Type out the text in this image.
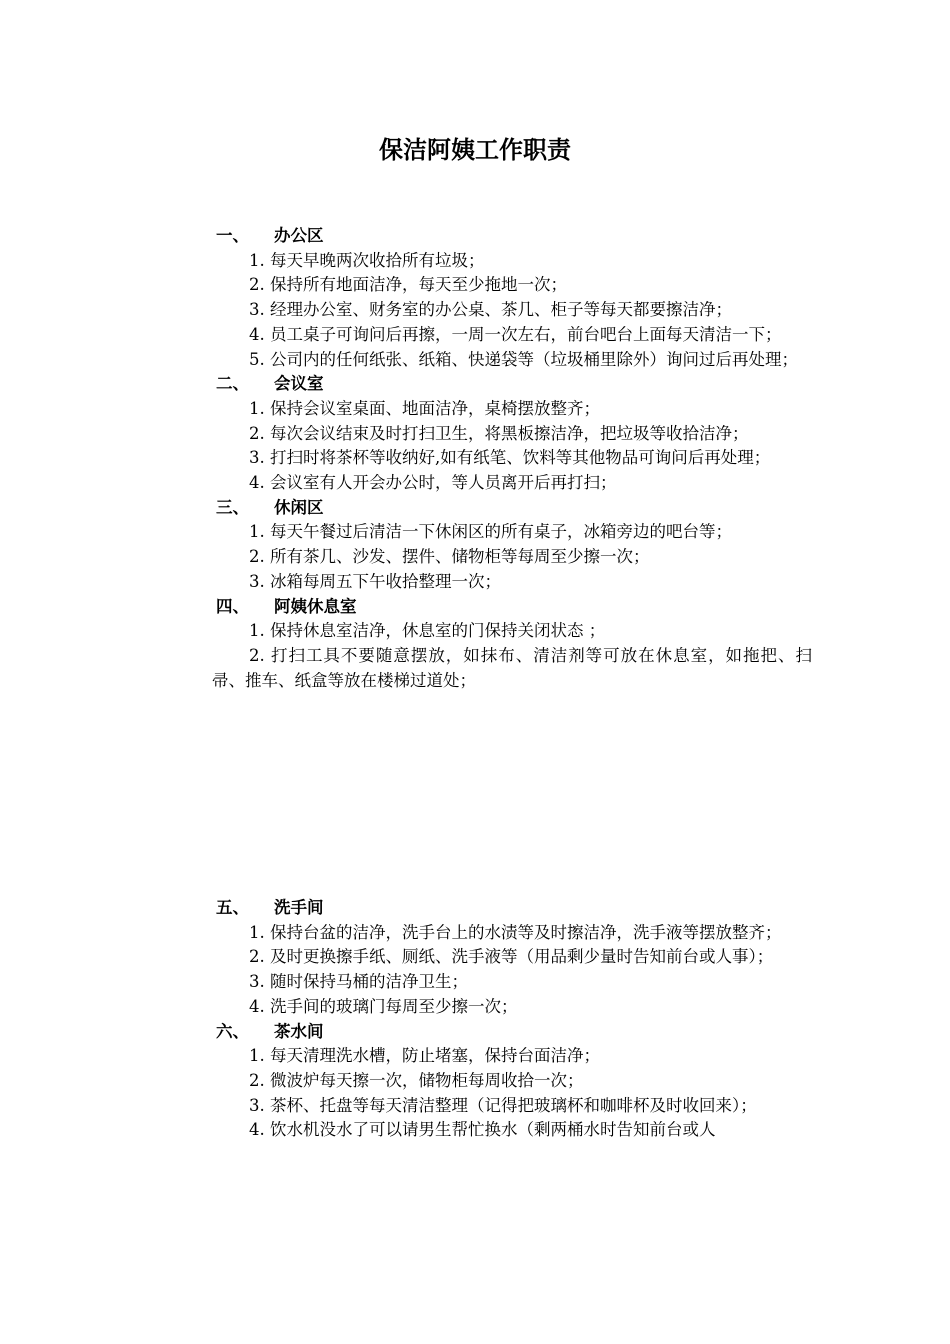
保洁阿姨工作职责
一、 办公区
1. 每天早晚两次收拾所有垃圾；
2. 保持所有地面洁净，每天至少拖地一次；
3. 经理办公室、财务室的办公桌、茶几、柜子等每天都要擦洁净；
4. 员工桌子可询问后再擦，一周一次左右，前台吧台上面每天清洁一下；
5. 公司内的任何纸张、纸箱、快递袋等（垃圾桶里除外）询问过后再处理；
二、 会议室
1. 保持会议室桌面、地面洁净，桌椅摆放整齐；
2. 每次会议结束及时打扫卫生，将黑板擦洁净，把垃圾等收拾洁净；
3. 打扫时将茶杯等收纳好,如有纸笔、饮料等其他物品可询问后再处理；
4. 会议室有人开会办公时，等人员离开后再打扫；
三、 休闲区
1. 每天午餐过后清洁一下休闲区的所有桌子，冰箱旁边的吧台等；
2. 所有茶几、沙发、摆件、储物柜等每周至少擦一次；
3. 冰箱每周五下午收拾整理一次；
四、 阿姨休息室
1. 保持休息室洁净，休息室的门保持关闭状态 ；
2. 打扫工具不要随意摆放，如抹布、清洁剂等可放在休息室，如拖把、扫帚、推车、纸盒等放在楼梯过道处；
五、 洗手间
1. 保持台盆的洁净，洗手台上的水渍等及时擦洁净，洗手液等摆放整齐；
2. 及时更换擦手纸、厕纸、洗手液等（用品剩少量时告知前台或人事）；
3. 随时保持马桶的洁净卫生；
4. 洗手间的玻璃门每周至少擦一次；
六、 茶水间
1. 每天清理洗水槽，防止堵塞，保持台面洁净；
2. 微波炉每天擦一次，储物柜每周收拾一次；
3. 茶杯、托盘等每天清洁整理（记得把玻璃杯和咖啡杯及时收回来）；
4. 饮水机没水了可以请男生帮忙换水（剩两桶水时告知前台或人
